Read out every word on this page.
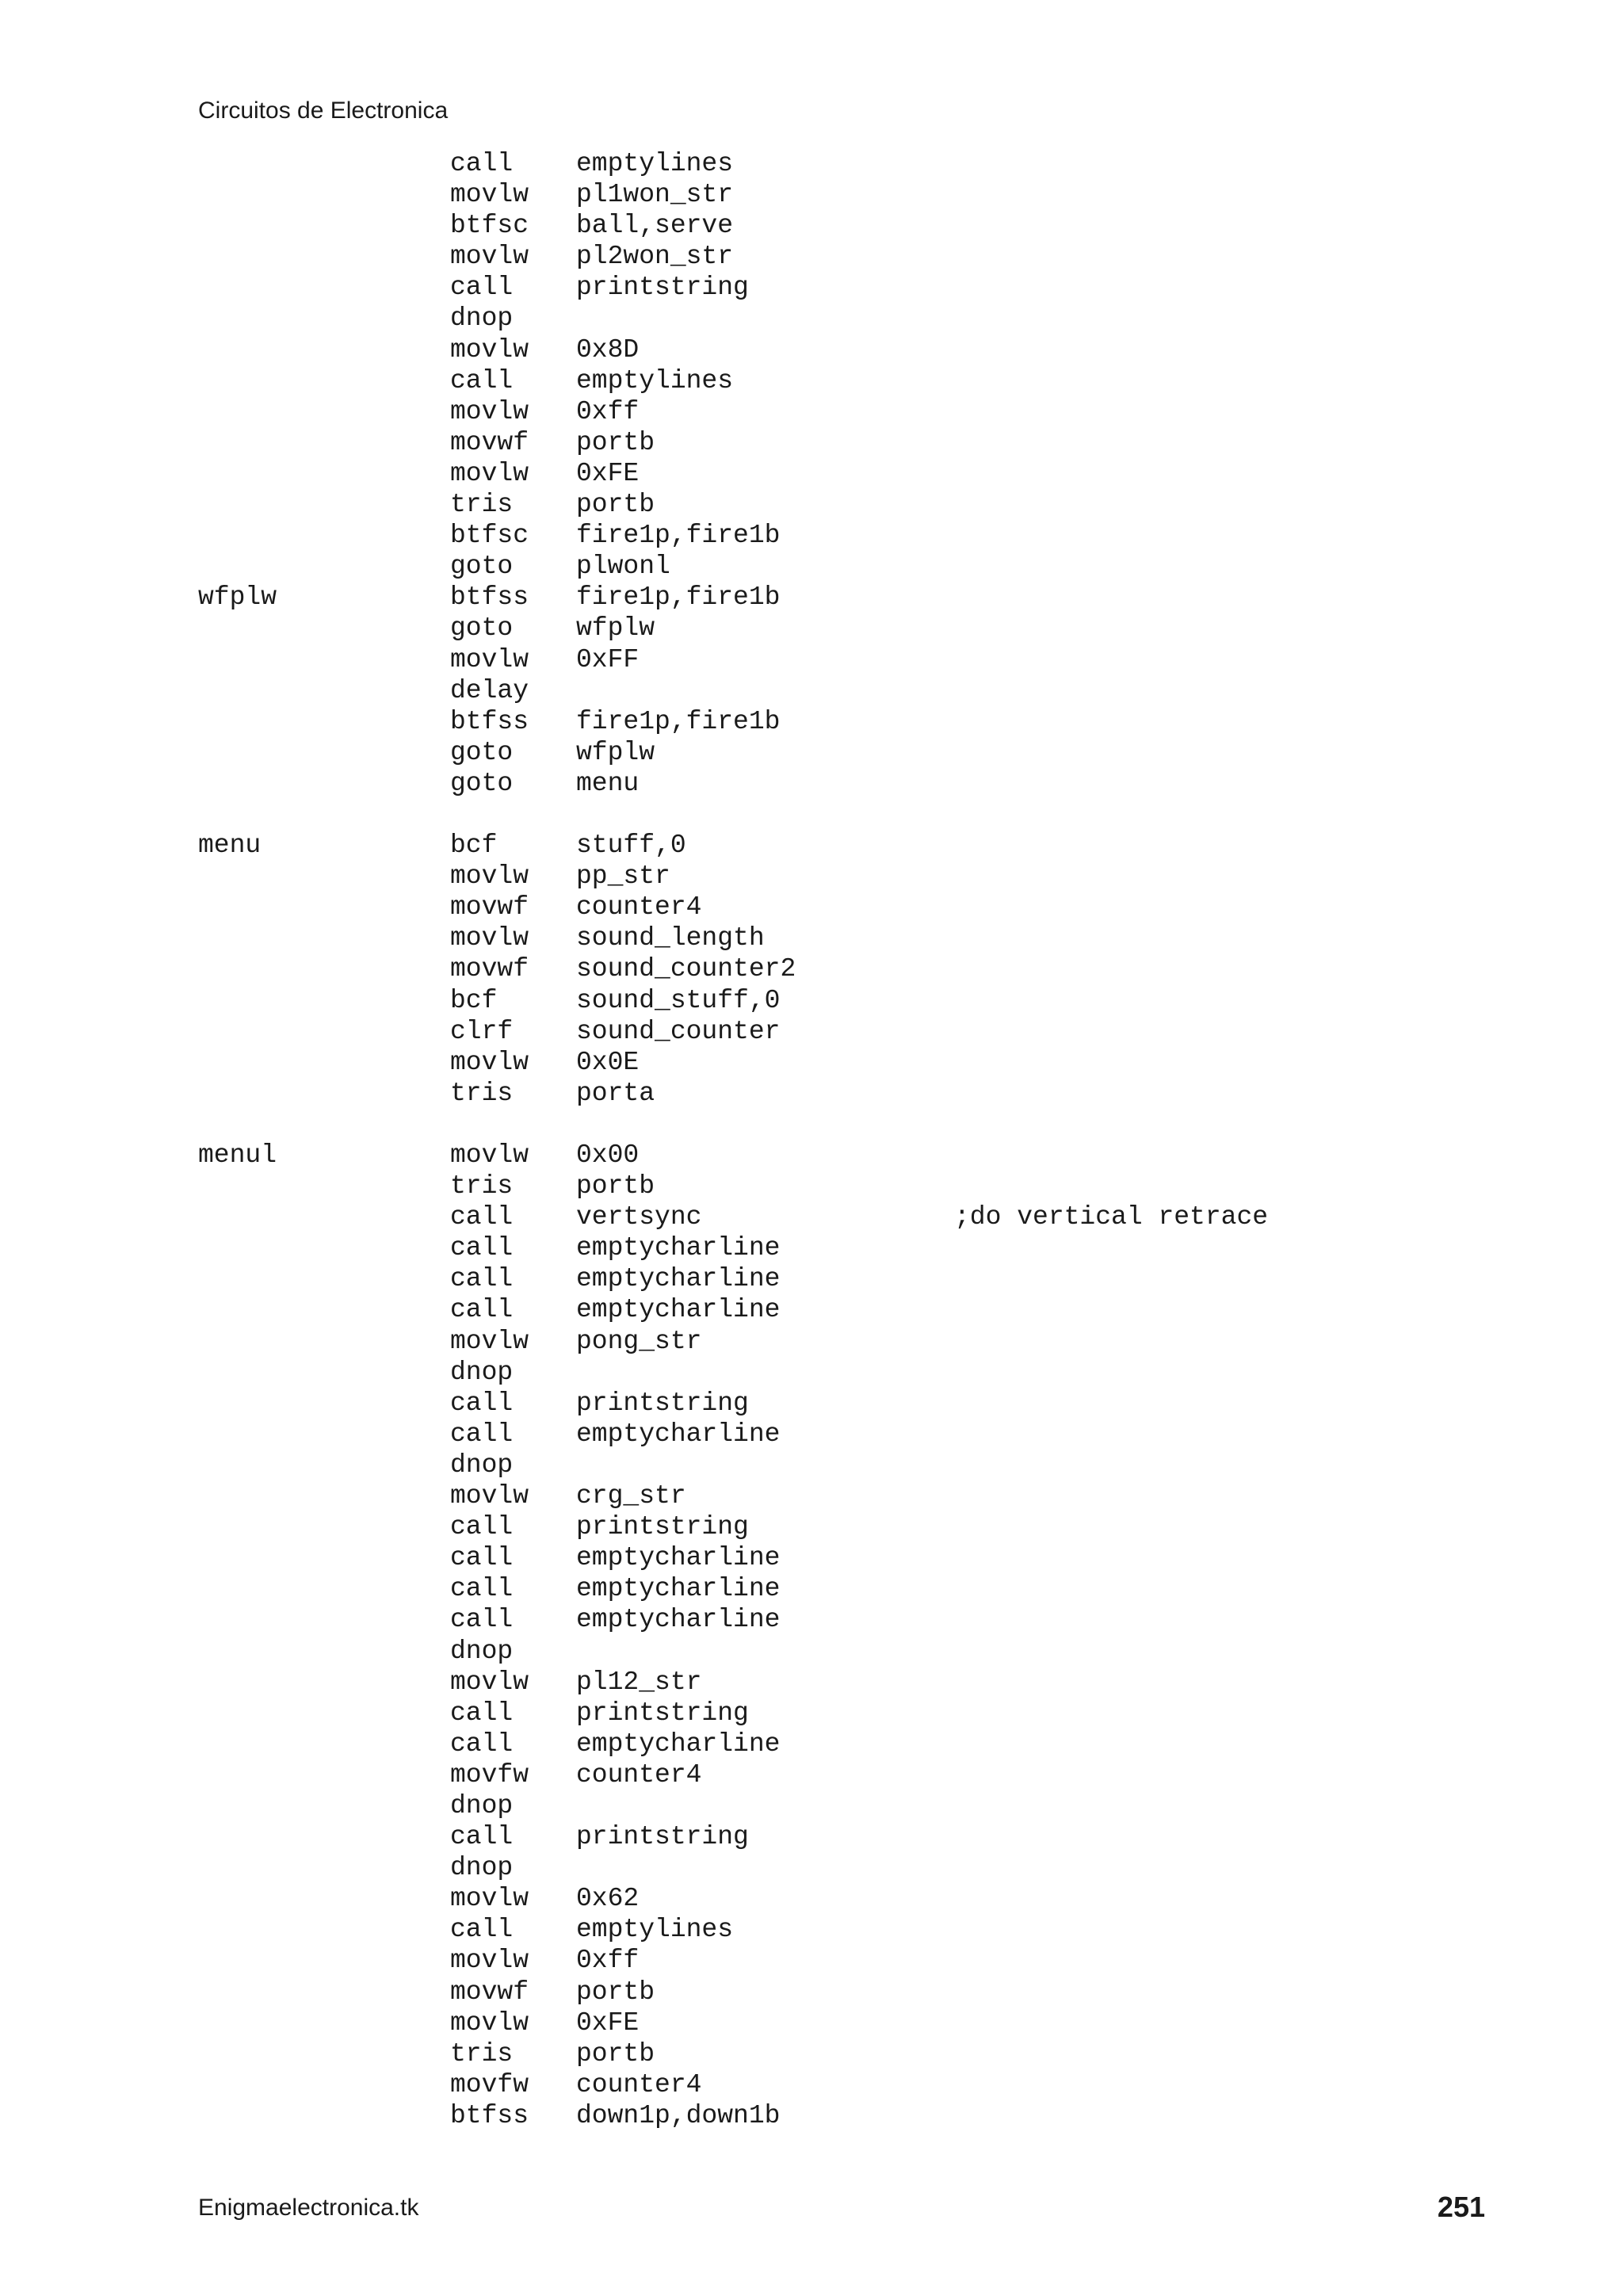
Circuitos de Electronica
call emptylines
movlw pl1won_str
btfsc ball,serve
movlw pl2won_str
call printstring
dnop
movlw 0x8D
call emptylines
movlw 0xff
movwf portb
movlw 0xFE
tris portb
btfsc fire1p,fire1b
goto plwonl
wfplw	btfss fire1p,fire1b
goto wfplw
movlw 0xFF
delay
btfss fire1p,fire1b
goto wfplw
goto menu
menu	bcf	stuff,0
movlw pp_str
movwf counter4
movlw sound_length
movwf sound_counter2
bcf	sound_stuff,0
clrf sound_counter
movlw 0x0E
tris porta
menul	movlw 0x00
tris portb
call vertsync	;do vertical retrace
call emptycharline
call emptycharline
call emptycharline
movlw pong_str
dnop
call printstring
call emptycharline
dnop
movlw crg_str
call printstring
call emptycharline
call emptycharline
call emptycharline
dnop
movlw pl12_str
call printstring
call emptycharline
movfw counter4
dnop
call printstring
dnop
movlw 0x62
call emptylines
movlw 0xff
movwf portb
movlw 0xFE
tris portb
movfw counter4
btfss down1p,down1b
Enigmaelectronica.tk	251
